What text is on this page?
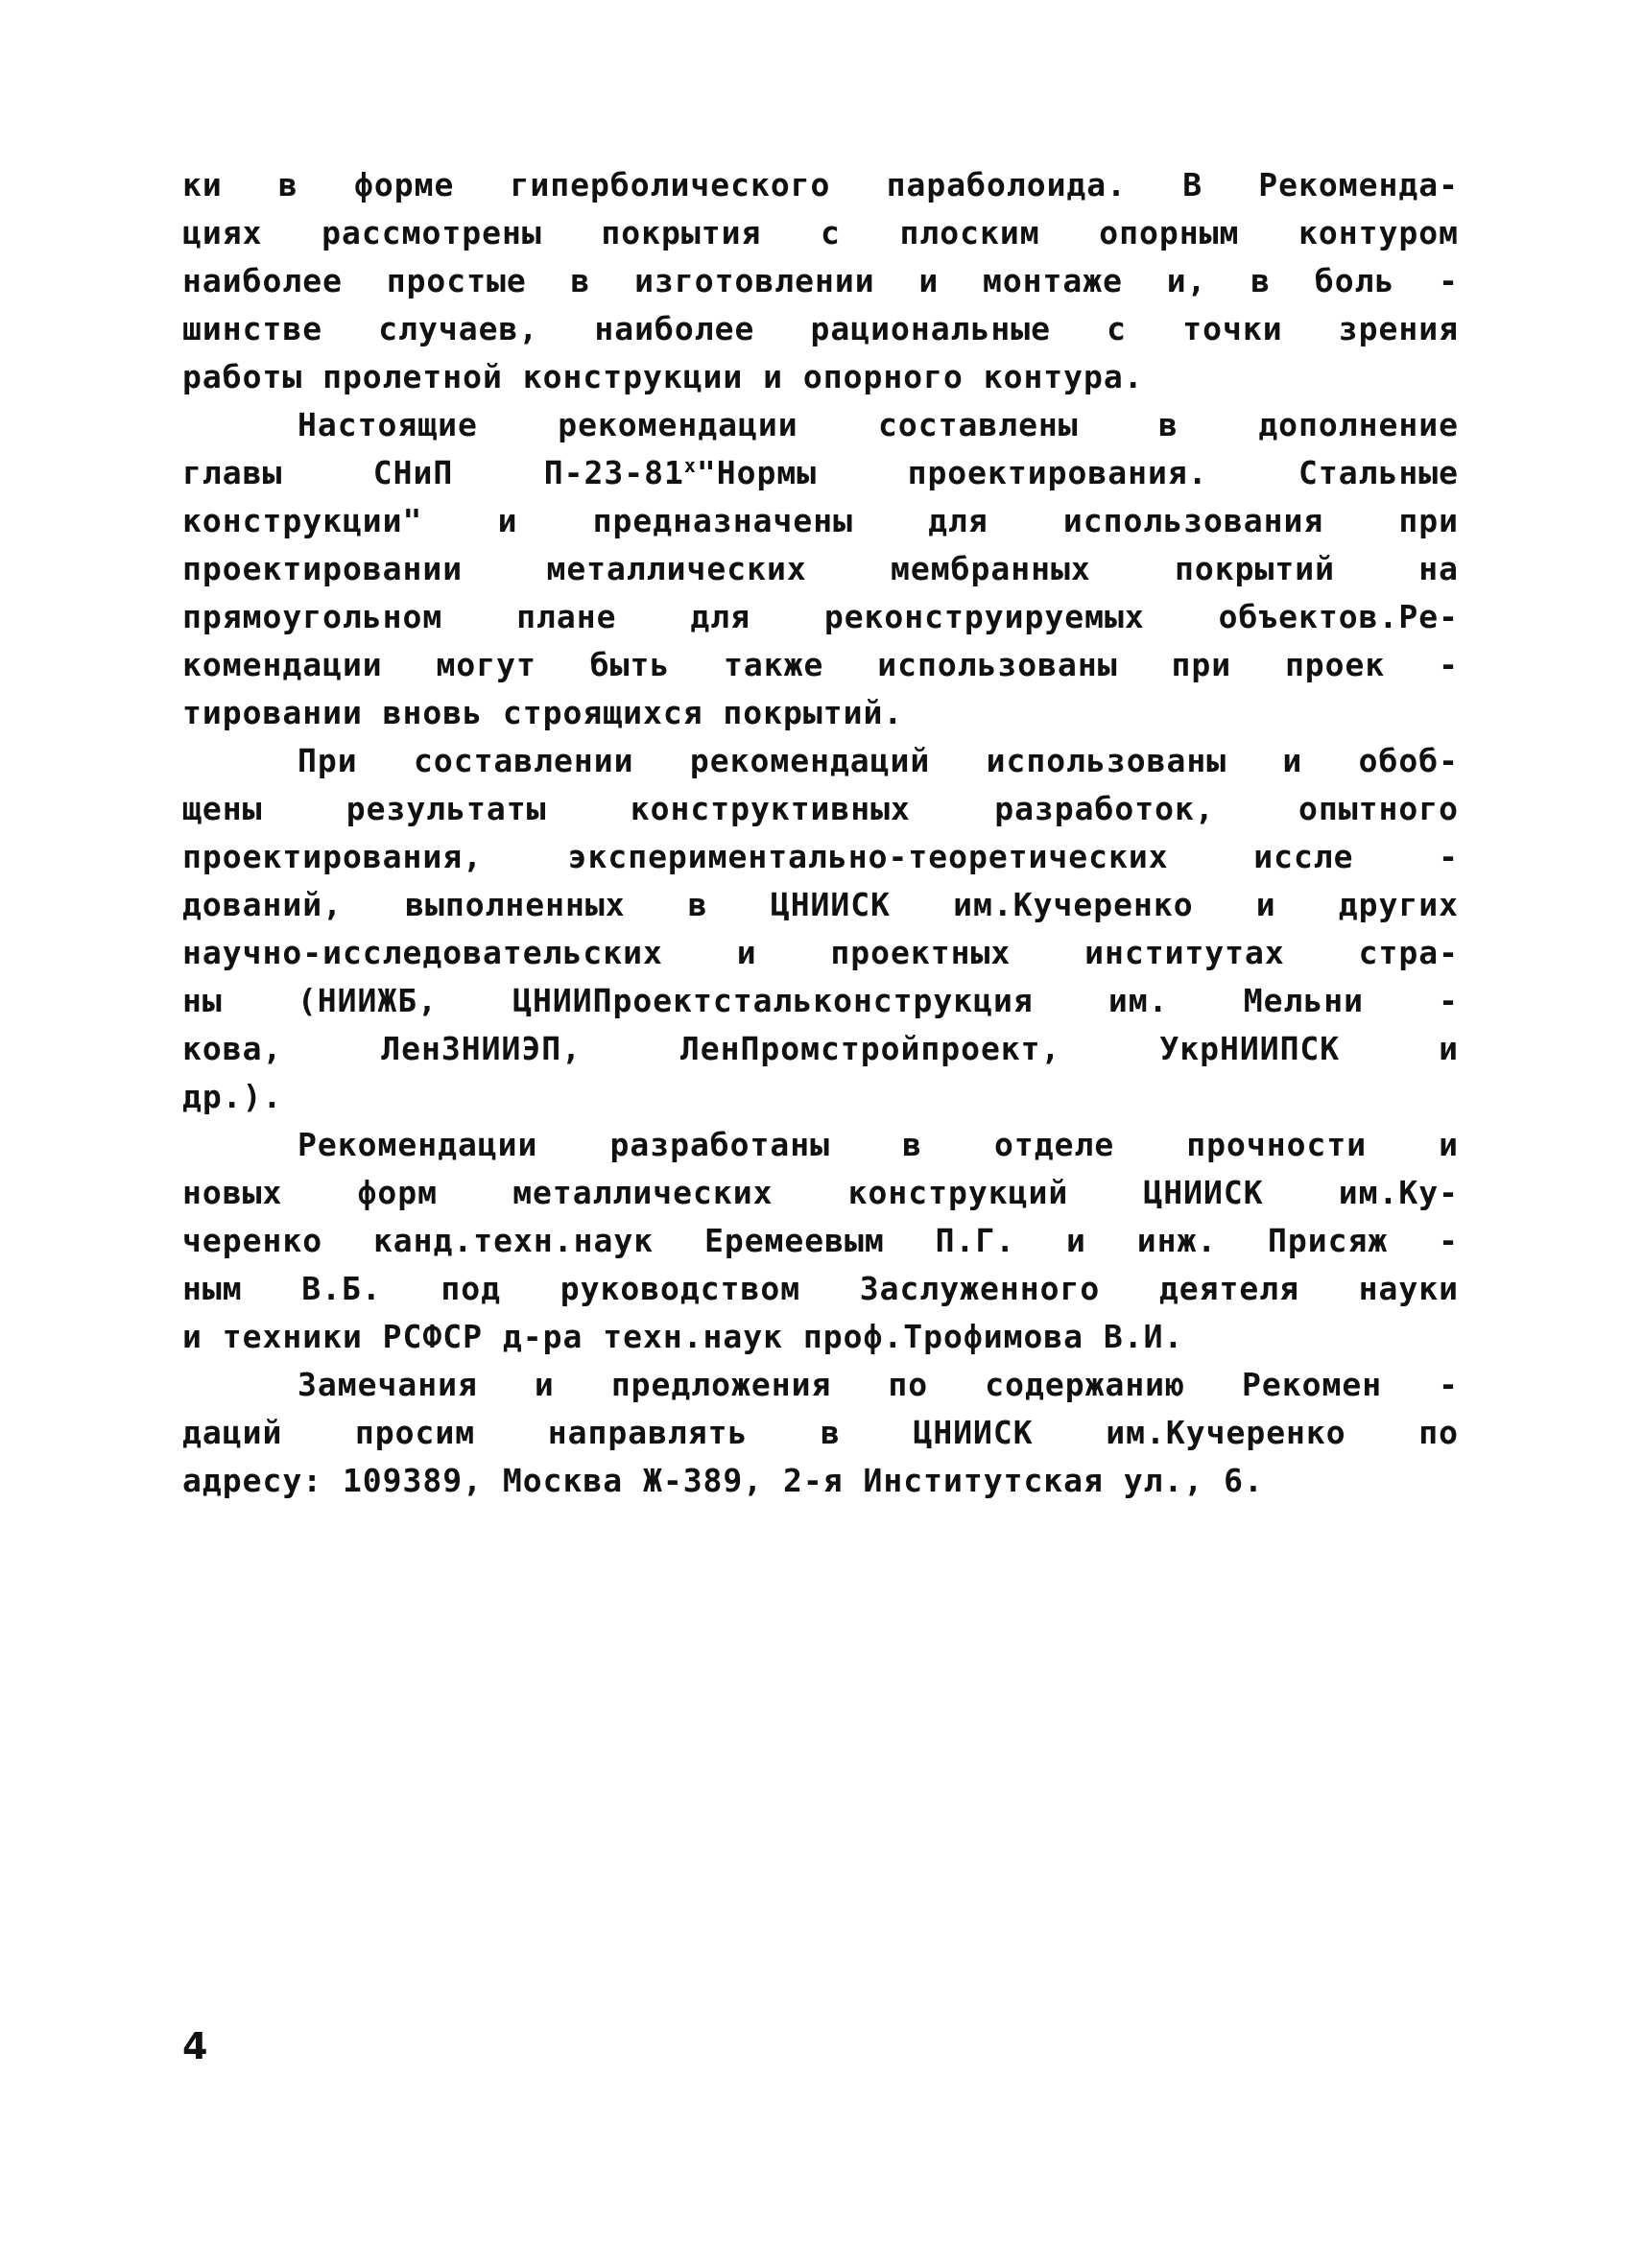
ки в форме гиперболического параболоида. В Рекоменда-
циях рассмотрены покрытия с плоским опорным контуром
наиболее простые в изготовлении и монтаже и, в боль -
шинстве случаев, наиболее рациональные с точки зрения
работы пролетной конструкции и опорного контура.
Настоящие рекомендации составлены в дополнение
главы СНиП П-23-81$^x$"Нормы проектирования. Стальные
конструкции" и предназначены для использования при
проектировании металлических мембранных покрытий на
прямоугольном плане для реконструируемых объектов.Ре-
комендации могут быть также использованы при проек -
тировании вновь строящихся покрытий.
При составлении рекомендаций использованы и обоб-
щены результаты конструктивных разработок, опытного
проектирования, экспериментально-теоретических иссле -
дований, выполненных в ЦНИИСК им.Кучеренко и других
научно-исследовательских и проектных институтах стра-
ны (НИИЖБ, ЦНИИПроектстальконструкция им. Мельни -
кова, ЛенЗНИИЭП, ЛенПромстройпроект, УкрНИИПСК и
др.).
Рекомендации разработаны в отделе прочности и
новых форм металлических конструкций ЦНИИСК им.Ку-
черенко канд.техн.наук Еремеевым П.Г. и инж. Присяж -
ным В.Б. под руководством Заслуженного деятеля науки
и техники РСФСР д-ра техн.наук проф.Трофимова В.И.
Замечания и предложения по содержанию Рекомен -
даций просим направлять в ЦНИИСК им.Кучеренко по
адресу: 109389, Москва Ж-389, 2-я Институтская ул., 6.
4
